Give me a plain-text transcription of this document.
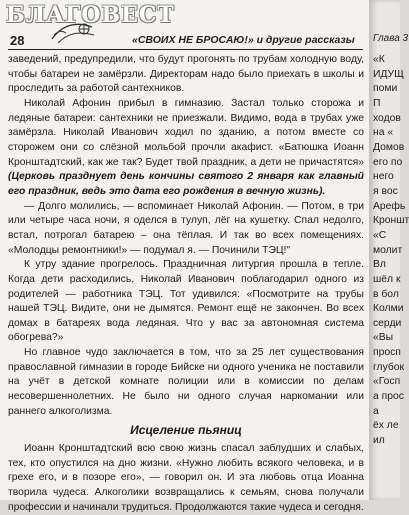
БЛАГОВЕСТ
28	«СВОИХ НЕ БРОСАЮ!» и другие рассказы

заведений, предупредили, что будут прогонять по трубам холодную воду, чтобы батареи не замёрзли. Директорам надо было приехать в школы и проследить за работой сантехников.

Николай Афонин прибыл в гимназию. Застал только сторожа и ледяные батареи: сантехники не приезжали. Видимо, вода в трубах уже замёрзла. Николай Иванович ходил по зданию, а потом вместе со сторожем они со слёзной мольбой прочли акафист. «Батюшка Иоанн Кронштадтский, как же так? Будет твой праздник, а дети не причастятся» (Церковь празднует день кончины святого 2 января как главный его праздник, ведь это дата его рождения в вечную жизнь).

— Долго молились, — вспоминает Николай Афонин. — Потом, в три или четыре часа ночи, я оделся в тулуп, лёг на кушетку. Спал недолго, встал, потрогал батарею – она тёплая. И так во всех помещениях. «Молодцы ремонтники!» — подумал я. — Починили ТЭЦ!"

К утру здание прогрелось. Праздничная литургия прошла в тепле. Когда дети расходились, Николай Иванович поблагодарил одного из родителей — работника ТЭЦ. Тот удивился: «Посмотрите на трубы нашей ТЭЦ. Видите, они не дымятся. Ремонт ещё не закончен. Во всех домах в батареях вода ледяная. Что у вас за автономная система обогрева?»

Но главное чудо заключается в том, что за 25 лет существования православной гимназии в городе Бийске ни одного ученика не поставили на учёт в детской комнате полиции или в комиссии по делам несовершеннолетних. Не было ни одного случая наркомании или раннего алкоголизма.

Исцеление пьяниц

Иоанн Кронштадтский всю свою жизнь спасал заблудших и слабых, тех, кто опустился на дно жизни. «Нужно любить всякого человека, и в грехе его, и в позоре его», — говорил он. И эта любовь отца Иоанна творила чудеса. Алкоголики возвращались к семьям, снова получали профессии и начинали трудиться. Продолжаются такие чудеса и сегодня.

Глава 3
«К
ИДУЩ
поми
П
ходов
на «
Домов
его по
него
я вос
Арефь
Кроншт
«С
молит
Вл
шёл к
в бол
Колми
серди
«Вы
просп
глубок
«Госп
а прос
a
ёх ле
ил
